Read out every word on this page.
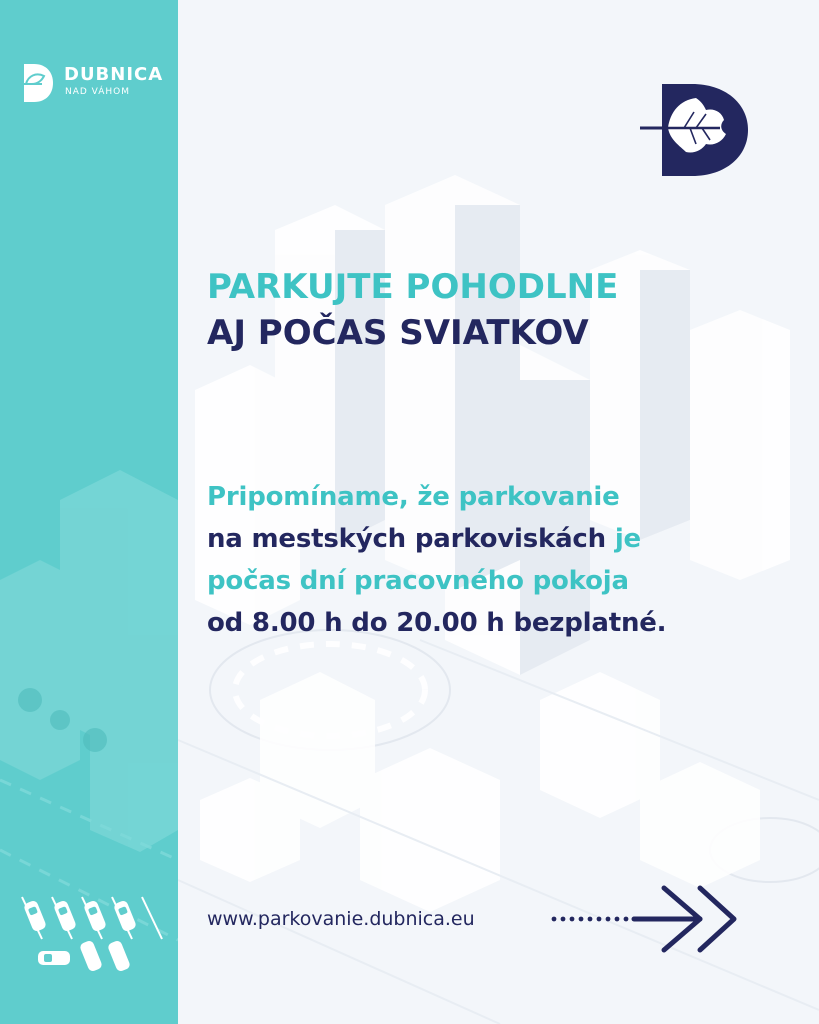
DUBNICA
NAD VÁHOM
PARKUJTE POHODLNE
AJ POČAS SVIATKOV
Pripomíname, že parkovanie
na mestských parkoviskách je
počas dní pracovného pokoja
od 8.00 h do 20.00 h bezplatné.
www.parkovanie.dubnica.eu
